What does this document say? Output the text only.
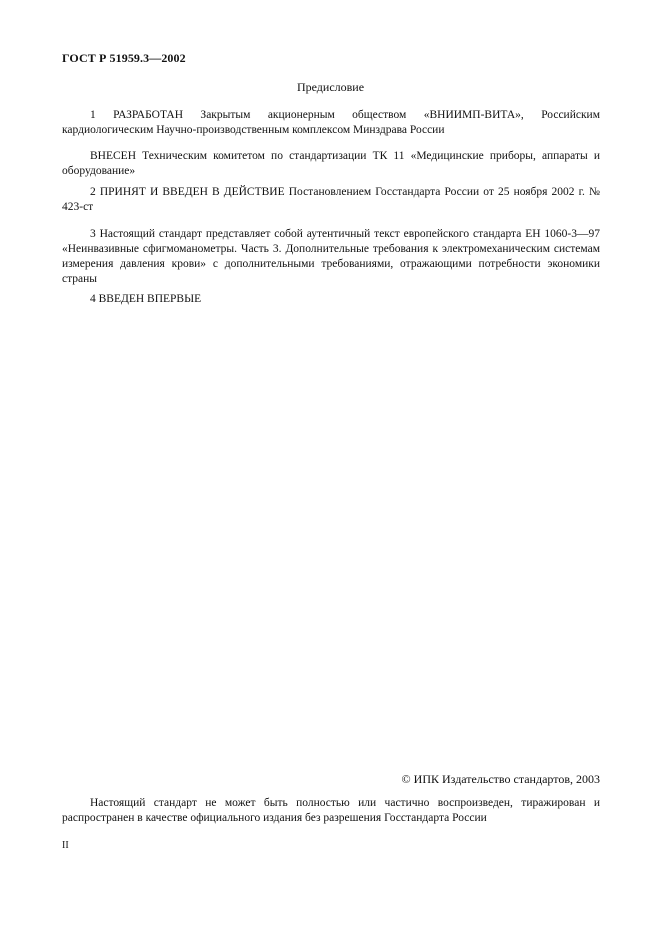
ГОСТ Р 51959.3—2002
Предисловие
1 РАЗРАБОТАН Закрытым акционерным обществом «ВНИИМП-ВИТА», Российским кардиологическим Научно-производственным комплексом Минздрава России
ВНЕСЕН Техническим комитетом по стандартизации ТК 11 «Медицинские приборы, аппараты и оборудование»
2 ПРИНЯТ И ВВЕДЕН В ДЕЙСТВИЕ Постановлением Госстандарта России от 25 ноября 2002 г. № 423-ст
3 Настоящий стандарт представляет собой аутентичный текст европейского стандарта ЕН 1060-3—97 «Неинвазивные сфигмоманометры. Часть 3. Дополнительные требования к электромеханическим системам измерения давления крови» с дополнительными требованиями, отражающими потребности экономики страны
4 ВВЕДЕН ВПЕРВЫЕ
© ИПК Издательство стандартов, 2003
Настоящий стандарт не может быть полностью или частично воспроизведен, тиражирован и распространен в качестве официального издания без разрешения Госстандарта России
II
